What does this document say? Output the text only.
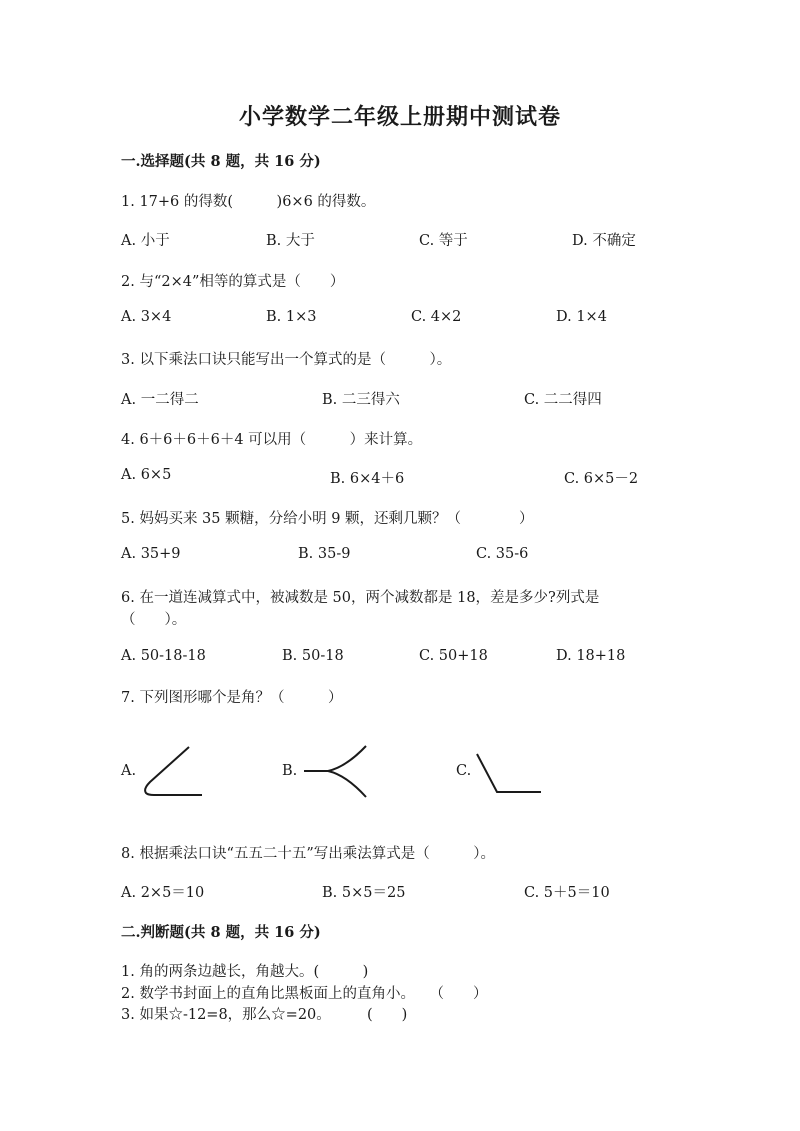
小学数学二年级上册期中测试卷
一.选择题(共 8 题，共 16 分)
1. 17+6 的得数(　　　)6×6 的得数。
A. 小于	B. 大于	C. 等于	D. 不确定
2. 与“2×4”相等的算式是（　　）
A. 3×4	B. 1×3	C. 4×2	D. 1×4
3. 以下乘法口诀只能写出一个算式的是（　　　）。
A. 一二得二	B. 二三得六	C. 二二得四
4. 6＋6＋6＋6＋4 可以用（　　　）来计算。
A. 6×5	B. 6×4＋6	C. 6×5－2
5. 妈妈买来 35 颗糖，分给小明 9 颗，还剩几颗？（　　　　）
A. 35+9	B. 35-9	C. 35-6
6. 在一道连减算式中，被减数是 50，两个减数都是 18，差是多少?列式是
（　　）。
A. 50-18-18	B. 50-18	C. 50+18	D. 18+18
7. 下列图形哪个是角？（　　　）
A.	B.	C.
8. 根据乘法口诀“五五二十五”写出乘法算式是（　　　）。
A. 2×5＝10	B. 5×5＝25	C. 5＋5＝10
二.判断题(共 8 题，共 16 分)
1. 角的两条边越长，角越大。(　　　)
2. 数学书封面上的直角比黑板面上的直角小。　　（　　）
3. 如果☆-12=8，那么☆=20。　　　(　　)
